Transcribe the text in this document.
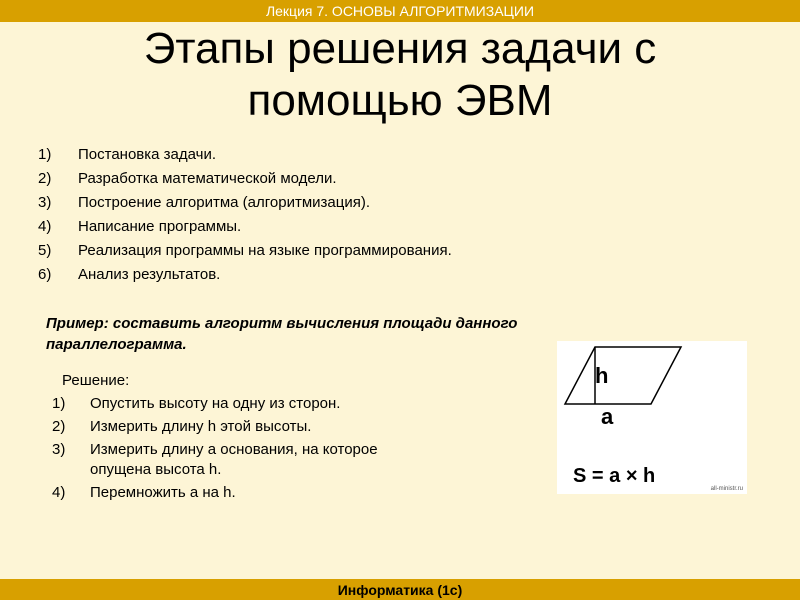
Лекция 7. ОСНОВЫ АЛГОРИТМИЗАЦИИ
Этапы решения задачи с
помощью ЭВМ
1)	Постановка задачи.
2)	Разработка математической модели.
3)	Построение алгоритма (алгоритмизация).
4)	Написание программы.
5)	Реализация программы на языке программирования.
6)	Анализ результатов.
Пример: составить алгоритм вычисления площади данного
параллелограмма.
Решение:
1)	Опустить высоту на одну из сторон.
2)	Измерить длину h этой высоты.
3)	Измерить длину a основания, на которое опущена высота h.
4)	Перемножить a на h.
h
a
S = a × h
all-ministr.ru
Информатика (1с)
